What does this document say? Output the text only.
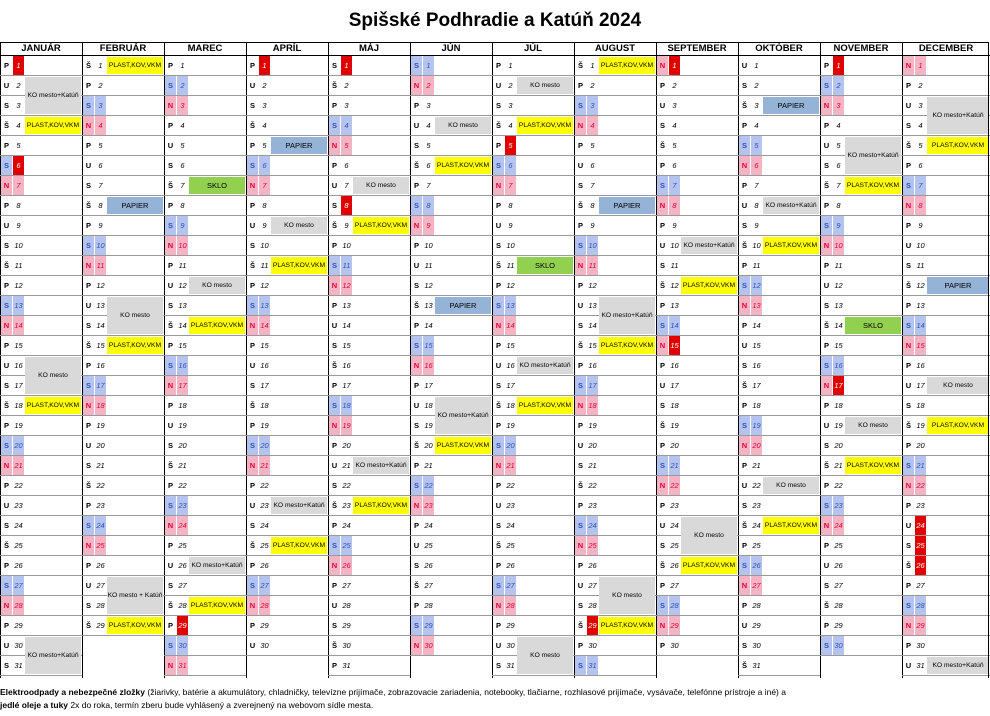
Spišské Podhradie a Katúň 2024
JANUÁR
P 1
U 2
S 3
Š 4
P 5
S 6
N 7
P 8
U 9
S 10
Š 11
P 12
S 13
N 14
P 15
U 16
S 17
Š 18
P 19
S 20
N 21
P 22
U 23
S 24
Š 25
P 26
S 27
N 28
P 29
U 30
S 31
FEBRUÁR
Š 1
P 2
S 3
N 4
P 5
U 6
S 7
Š 8
P 9
S 10
N 11
P 12
U 13
S 14
Š 15
P 16
S 17
N 18
P 19
U 20
S 21
Š 22
P 23
S 24
N 25
P 26
U 27
S 28
Š 29
MAREC
P 1
S 2
N 3
P 4
U 5
S 6
Š 7
P 8
S 9
N 10
P 11
U 12
S 13
Š 14
P 15
S 16
N 17
P 18
U 19
S 20
Š 21
P 22
S 23
N 24
P 25
U 26
S 27
Š 28
P 29
S 30
N 31
APRÍL
P 1
U 2
S 3
Š 4
P 5
S 6
N 7
P 8
U 9
S 10
Š 11
P 12
S 13
N 14
P 15
U 16
S 17
Š 18
P 19
S 20
N 21
P 22
U 23
S 24
Š 25
P 26
S 27
N 28
P 29
U 30
MÁJ
S 1
Š 2
P 3
S 4
N 5
P 6
U 7
S 8
Š 9
P 10
S 11
N 12
P 13
U 14
S 15
Š 16
P 17
S 18
N 19
P 20
U 21
S 22
Š 23
P 24
S 25
N 26
P 27
U 28
S 29
Š 30
P 31
JÚN
S 1
N 2
P 3
U 4
S 5
Š 6
P 7
S 8
N 9
P 10
U 11
S 12
Š 13
P 14
S 15
N 16
P 17
U 18
S 19
Š 20
P 21
S 22
N 23
P 24
U 25
S 26
Š 27
P 28
S 29
N 30
JÚL
P 1
U 2
S 3
Š 4
P 5
S 6
N 7
P 8
U 9
S 10
Š 11
P 12
S 13
N 14
P 15
U 16
S 17
Š 18
P 19
S 20
N 21
P 22
U 23
S 24
Š 25
P 26
S 27
N 28
P 29
U 30
S 31
AUGUST
Š 1
P 2
S 3
N 4
P 5
U 6
S 7
Š 8
P 9
S 10
N 11
P 12
U 13
S 14
Š 15
P 16
S 17
N 18
P 19
U 20
S 21
Š 22
P 23
S 24
N 25
P 26
U 27
S 28
Š 29
P 30
S 31
SEPTEMBER
N 1
P 2
U 3
S 4
Š 5
P 6
S 7
N 8
P 9
U 10
S 11
Š 12
P 13
S 14
N 15
P 16
U 17
S 18
Š 19
P 20
S 21
N 22
P 23
U 24
S 25
Š 26
P 27
S 28
N 29
P 30
OKTÓBER
U 1
S 2
Š 3
P 4
S 5
N 6
P 7
U 8
S 9
Š 10
P 11
S 12
N 13
P 14
U 15
S 16
Š 17
P 18
S 19
N 20
P 21
U 22
S 23
Š 24
P 25
S 26
N 27
P 28
U 29
S 30
Š 31
NOVEMBER
P 1
S 2
N 3
P 4
U 5
S 6
Š 7
P 8
S 9
N 10
P 11
U 12
S 13
Š 14
P 15
S 16
N 17
P 18
U 19
S 20
Š 21
P 22
S 23
N 24
P 25
U 26
S 27
Š 28
P 29
S 30
DECEMBER
N 1
P 2
U 3
S 4
Š 5
P 6
S 7
N 8
P 9
U 10
S 11
Š 12
P 13
S 14
N 15
P 16
U 17
S 18
Š 19
P 20
S 21
N 22
P 23
U 24
S 25
Š 26
P 27
S 28
N 29
P 30
U 31
KO mesto+Katúň
PLAST,KOV,VKM
KO mesto
PLAST,KOV,VKM
KO mesto+Katúň
PLAST,KOV,VKM
PAPIER
KO mesto
PLAST,KOV,VKM
KO mesto + Katúň
PLAST,KOV,VKM
SKLO
KO mesto
PLAST,KOV,VKM
KO mesto+Katúň
PLAST,KOV,VKM
PAPIER
KO mesto
PLAST,KOV,VKM
KO mesto+Katúň
PLAST,KOV,VKM
KO mesto
PLAST,KOV,VKM
KO mesto+Katúň
PLAST,KOV,VKM
KO mesto
PLAST,KOV,VKM
PAPIER
KO mesto+Katúň
PLAST,KOV,VKM
KO mesto
PLAST,KOV,VKM
SKLO
KO mesto+Katúň
PLAST,KOV,VKM
KO mesto
PLAST,KOV,VKM
PAPIER
KO mesto+Katúň
PLAST,KOV,VKM
KO mesto
PLAST,KOV,VKM
KO mesto+Katúň
PLAST,KOV,VKM
KO mesto
PLAST,KOV,VKM
PAPIER
KO mesto+Katúň
PLAST,KOV,VKM
KO mesto
PLAST,KOV,VKM
KO mesto+Katúň
PLAST,KOV,VKM
SKLO
KO mesto
PLAST,KOV,VKM
KO mesto+Katúň
PLAST,KOV,VKM
PAPIER
KO mesto
PLAST,KOV,VKM
KO mesto+Katúň
Elektroodpady a nebezpečné zložky (žiarivky, batérie a akumulátory, chladničky, televízne prijímače, zobrazovacie zariadenia, notebooky, tlačiarne, rozhlasové prijímače, vysávače, telefónne prístroje a iné) a
jedlé oleje a tuky 2x do roka, termín zberu bude vyhlásený a zverejnený na webovom sídle mesta.
